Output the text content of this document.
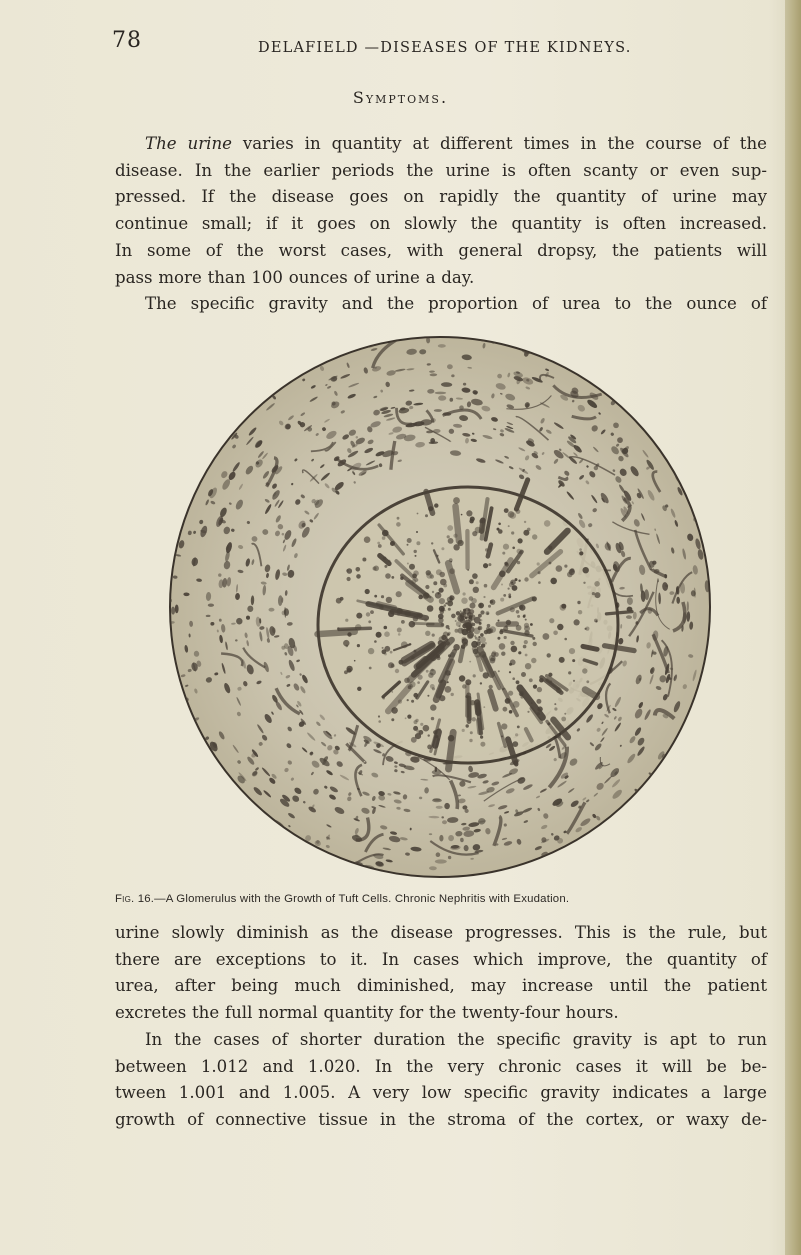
78	DELAFIELD —DISEASES OF THE KIDNEYS.
Symptoms.
The urine varies in quantity at different times in the course of the
disease. In the earlier periods the urine is often scanty or even sup-
pressed. If the disease goes on rapidly the quantity of urine may
continue small; if it goes on slowly the quantity is often increased.
In some of the worst cases, with general dropsy, the patients will
pass more than 100 ounces of urine a day.
The specific gravity and the proportion of urea to the ounce of
Fig. 16.—A Glomerulus with the Growth of Tuft Cells. Chronic Nephritis with Exudation.
urine slowly diminish as the disease progresses. This is the rule, but
there are exceptions to it. In cases which improve, the quantity of
urea, after being much diminished, may increase until the patient
excretes the full normal quantity for the twenty-four hours.
In the cases of shorter duration the specific gravity is apt to run
between 1.012 and 1.020. In the very chronic cases it will be be-
tween 1.001 and 1.005. A very low specific gravity indicates a large
growth of connective tissue in the stroma of the cortex, or waxy de-
